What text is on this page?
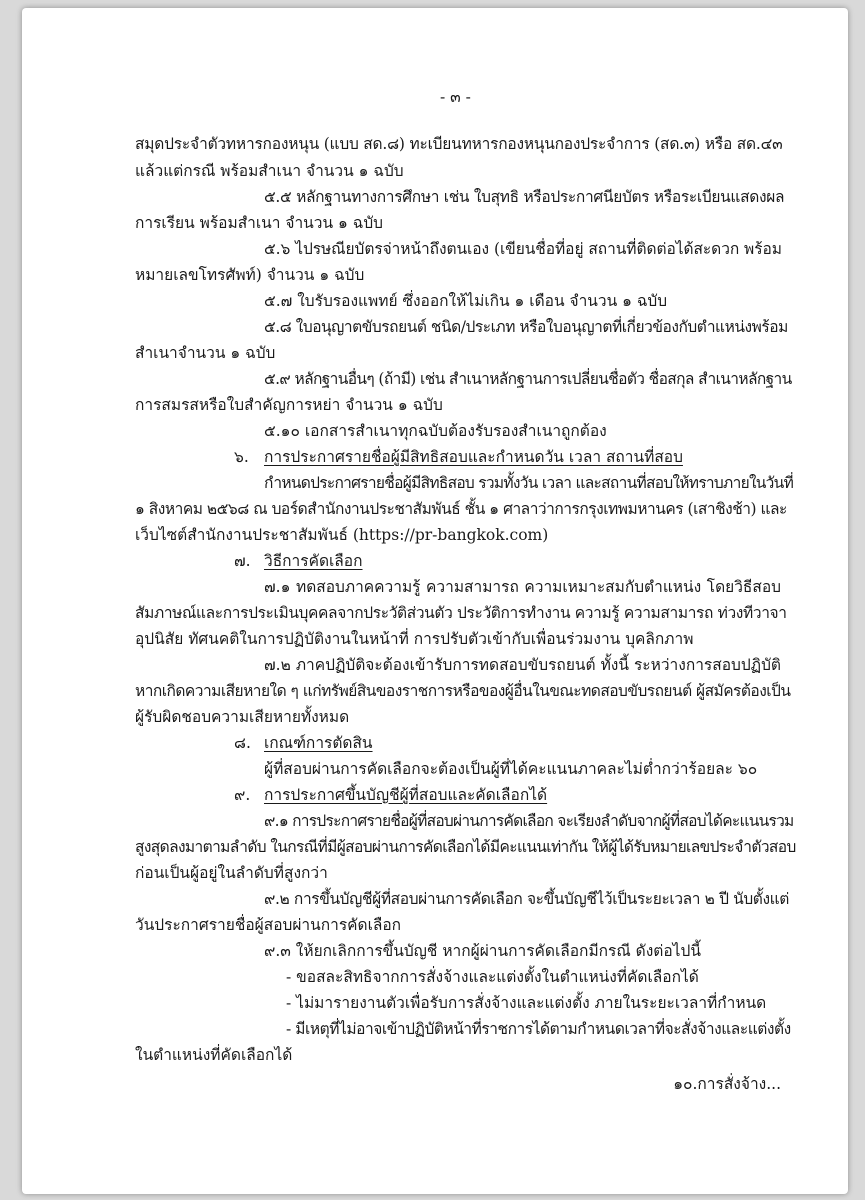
- ๓ -
สมุดประจำตัวทหารกองหนุน (แบบ สด.๘) ทะเบียนทหารกองหนุนกองประจำการ (สด.๓) หรือ สด.๔๓
แล้วแต่กรณี พร้อมสำเนา จำนวน ๑ ฉบับ
๕.๕ หลักฐานทางการศึกษา เช่น ใบสุทธิ หรือประกาศนียบัตร หรือระเบียนแสดงผล
การเรียน พร้อมสำเนา จำนวน ๑ ฉบับ
๕.๖ ไปรษณียบัตรจ่าหน้าถึงตนเอง (เขียนชื่อที่อยู่ สถานที่ติดต่อได้สะดวก พร้อม
หมายเลขโทรศัพท์) จำนวน ๑ ฉบับ
๕.๗ ใบรับรองแพทย์ ซึ่งออกให้ไม่เกิน ๑ เดือน จำนวน ๑ ฉบับ
๕.๘ ใบอนุญาตขับรถยนต์ ชนิด/ประเภท หรือใบอนุญาตที่เกี่ยวข้องกับตำแหน่งพร้อม
สำเนาจำนวน ๑ ฉบับ
๕.๙ หลักฐานอื่นๆ (ถ้ามี) เช่น สำเนาหลักฐานการเปลี่ยนชื่อตัว ชื่อสกุล สำเนาหลักฐาน
การสมรสหรือใบสำคัญการหย่า จำนวน ๑ ฉบับ
๕.๑๐ เอกสารสำเนาทุกฉบับต้องรับรองสำเนาถูกต้อง
๖. การประกาศรายชื่อผู้มีสิทธิสอบและกำหนดวัน เวลา สถานที่สอบ
กำหนดประกาศรายชื่อผู้มีสิทธิสอบ รวมทั้งวัน เวลา และสถานที่สอบให้ทราบภายในวันที่
๑ สิงหาคม ๒๕๖๘ ณ บอร์ดสำนักงานประชาสัมพันธ์ ชั้น ๑ ศาลาว่าการกรุงเทพมหานคร (เสาชิงช้า) และ
เว็บไซต์สำนักงานประชาสัมพันธ์ (https://pr-bangkok.com)
๗. วิธีการคัดเลือก
๗.๑ ทดสอบภาคความรู้ ความสามารถ ความเหมาะสมกับตำแหน่ง โดยวิธีสอบ
สัมภาษณ์และการประเมินบุคคลจากประวัติส่วนตัว ประวัติการทำงาน ความรู้ ความสามารถ ท่วงทีวาจา
อุปนิสัย ทัศนคติในการปฏิบัติงานในหน้าที่ การปรับตัวเข้ากับเพื่อนร่วมงาน บุคลิกภาพ
๗.๒ ภาคปฏิบัติจะต้องเข้ารับการทดสอบขับรถยนต์ ทั้งนี้ ระหว่างการสอบปฏิบัติ
หากเกิดความเสียหายใด ๆ แก่ทรัพย์สินของราชการหรือของผู้อื่นในขณะทดสอบขับรถยนต์ ผู้สมัครต้องเป็น
ผู้รับผิดชอบความเสียหายทั้งหมด
๘. เกณฑ์การตัดสิน
ผู้ที่สอบผ่านการคัดเลือกจะต้องเป็นผู้ที่ได้คะแนนภาคละไม่ต่ำกว่าร้อยละ ๖๐
๙. การประกาศขึ้นบัญชีผู้ที่สอบและคัดเลือกได้
๙.๑ การประกาศรายชื่อผู้ที่สอบผ่านการคัดเลือก จะเรียงลำดับจากผู้ที่สอบได้คะแนนรวม
สูงสุดลงมาตามลำดับ ในกรณีที่มีผู้สอบผ่านการคัดเลือกได้มีคะแนนเท่ากัน ให้ผู้ได้รับหมายเลขประจำตัวสอบ
ก่อนเป็นผู้อยู่ในลำดับที่สูงกว่า
๙.๒ การขึ้นบัญชีผู้ที่สอบผ่านการคัดเลือก จะขึ้นบัญชีไว้เป็นระยะเวลา ๒ ปี นับตั้งแต่
วันประกาศรายชื่อผู้สอบผ่านการคัดเลือก
๙.๓ ให้ยกเลิกการขึ้นบัญชี หากผู้ผ่านการคัดเลือกมีกรณี ดังต่อไปนี้
- ขอสละสิทธิจากการสั่งจ้างและแต่งตั้งในตำแหน่งที่คัดเลือกได้
- ไม่มารายงานตัวเพื่อรับการสั่งจ้างและแต่งตั้ง ภายในระยะเวลาที่กำหนด
- มีเหตุที่ไม่อาจเข้าปฏิบัติหน้าที่ราชการได้ตามกำหนดเวลาที่จะสั่งจ้างและแต่งตั้ง
ในตำแหน่งที่คัดเลือกได้
๑๐.การสั่งจ้าง...
